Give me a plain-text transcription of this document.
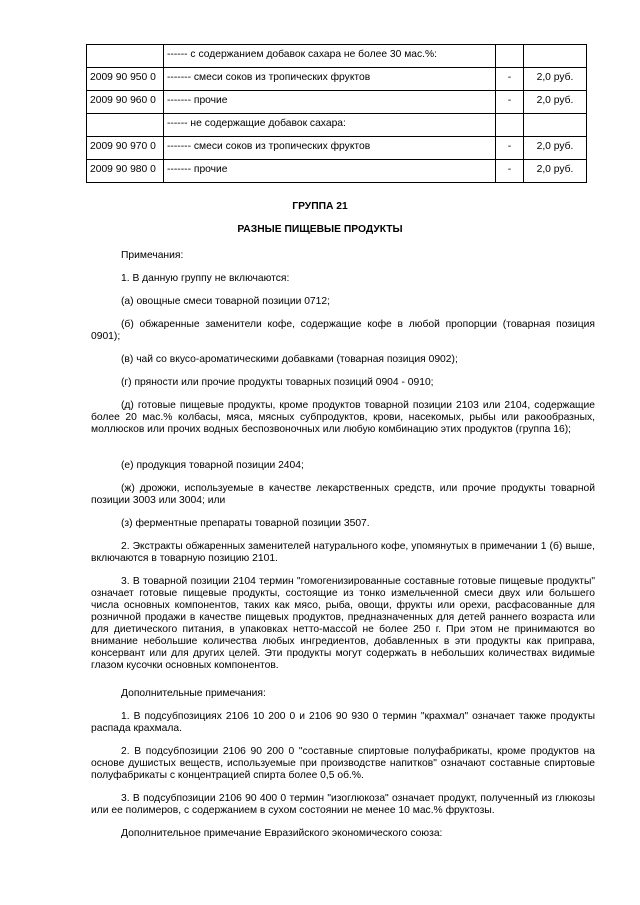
	------ с содержанием добавок сахара не более 30 мас.%:		
2009 90 950 0	------- смеси соков из тропических фруктов	-	2,0 руб.
2009 90 960 0	------- прочие	-	2,0 руб.
	------ не содержащие добавок сахара:		
2009 90 970 0	------- смеси соков из тропических фруктов	-	2,0 руб.
2009 90 980 0	------- прочие	-	2,0 руб.
ГРУППА 21
РАЗНЫЕ ПИЩЕВЫЕ ПРОДУКТЫ
Примечания:
1. В данную группу не включаются:
(а) овощные смеси товарной позиции 0712;
(б) обжаренные заменители кофе, содержащие кофе в любой пропорции (товарная позиция 0901);
(в) чай со вкусо-ароматическими добавками (товарная позиция 0902);
(г) пряности или прочие продукты товарных позиций 0904 - 0910;
(д) готовые пищевые продукты, кроме продуктов товарной позиции 2103 или 2104, содержащие более 20 мас.% колбасы, мяса, мясных субпродуктов, крови, насекомых, рыбы или ракообразных, моллюсков или прочих водных беспозвоночных или любую комбинацию этих продуктов (группа 16);
(е) продукция товарной позиции 2404;
(ж) дрожжи, используемые в качестве лекарственных средств, или прочие продукты товарной позиции 3003 или 3004; или
(з) ферментные препараты товарной позиции 3507.
2. Экстракты обжаренных заменителей натурального кофе, упомянутых в примечании 1 (б) выше, включаются в товарную позицию 2101.
3. В товарной позиции 2104 термин "гомогенизированные составные готовые пищевые продукты" означает готовые пищевые продукты, состоящие из тонко измельченной смеси двух или большего числа основных компонентов, таких как мясо, рыба, овощи, фрукты или орехи, расфасованные для розничной продажи в качестве пищевых продуктов, предназначенных для детей раннего возраста или для диетического питания, в упаковках нетто-массой не более 250 г. При этом не принимаются во внимание небольшие количества любых ингредиентов, добавленных в эти продукты как приправа, консервант или для других целей. Эти продукты могут содержать в небольших количествах видимые глазом кусочки основных компонентов.
Дополнительные примечания:
1. В подсубпозициях 2106 10 200 0 и 2106 90 930 0 термин "крахмал" означает также продукты распада крахмала.
2. В подсубпозиции 2106 90 200 0 "составные спиртовые полуфабрикаты, кроме продуктов на основе душистых веществ, используемые при производстве напитков" означают составные спиртовые полуфабрикаты с концентрацией спирта более 0,5 об.%.
3. В подсубпозиции 2106 90 400 0 термин "изоглюкоза" означает продукт, полученный из глюкозы или ее полимеров, с содержанием в сухом состоянии не менее 10 мас.% фруктозы.
Дополнительное примечание Евразийского экономического союза:
